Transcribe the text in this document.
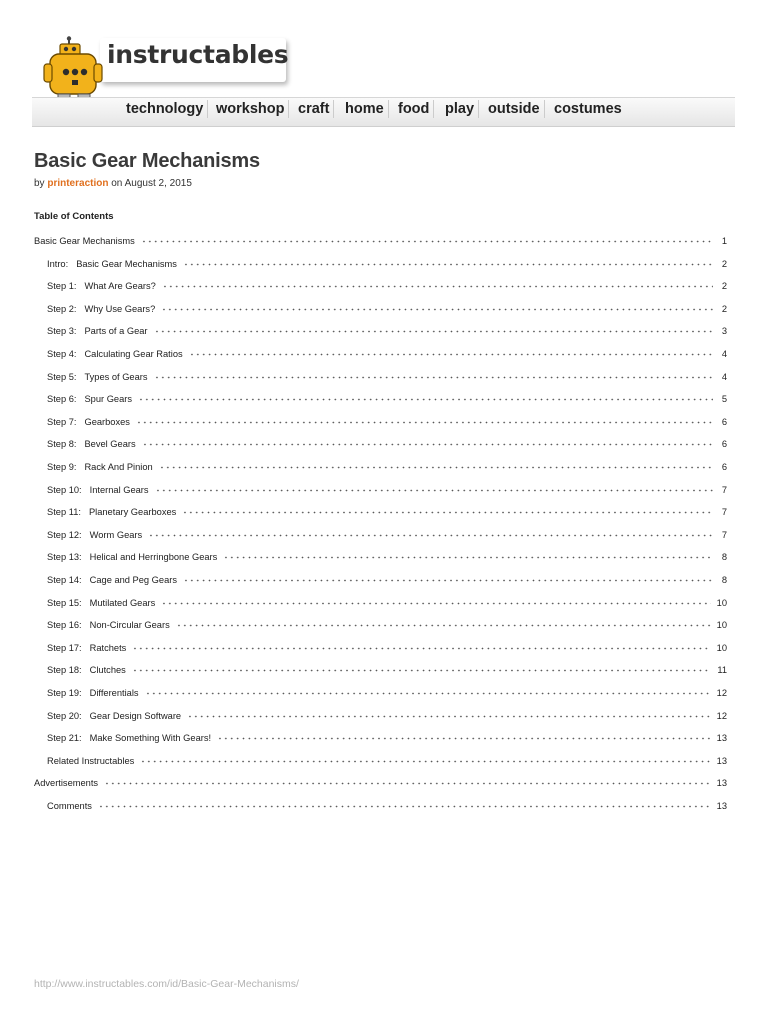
instructables
technology workshop craft	home food	play outside costumes
Basic Gear Mechanisms
by printeraction on August 2, 2015
Table of Contents
Basic Gear Mechanisms	1
Intro: Basic Gear Mechanisms	2
Step 1: What Are Gears?	2
Step 2: Why Use Gears?	2
Step 3: Parts of a Gear	3
Step 4: Calculating Gear Ratios	4
Step 5: Types of Gears	4
Step 6: Spur Gears	5
Step 7: Gearboxes	6
Step 8: Bevel Gears	6
Step 9: Rack And Pinion	6
Step 10: Internal Gears	7
Step 11: Planetary Gearboxes	7
Step 12: Worm Gears	7
Step 13: Helical and Herringbone Gears	8
Step 14: Cage and Peg Gears	8
Step 15: Mutilated Gears	10
Step 16: Non-Circular Gears	10
Step 17: Ratchets	10
Step 18: Clutches	11
Step 19: Differentials	12
Step 20: Gear Design Software	12
Step 21: Make Something With Gears!	13
Related Instructables	13
Advertisements	13
Comments	13
http://www.instructables.com/id/Basic-Gear-Mechanisms/
